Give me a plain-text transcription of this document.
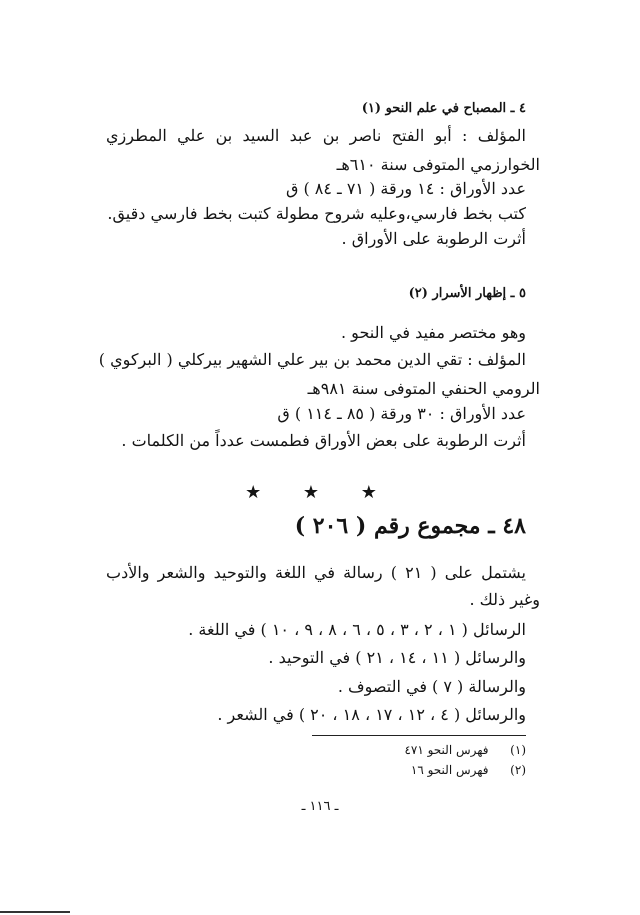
٤ ـ المصباح في علم النحو (١)
المؤلف : أبو الفتح ناصر بن عبد السيد بن علي المطرزي
الخوارزمي المتوفى سنة ٦١٠هـ
عدد الأوراق : ١٤ ورقة ( ٧١ ـ ٨٤ ) ق
كتب بخط فارسي،وعليه شروح مطولة كتبت بخط فارسي دقيق.
أثرت الرطوبة على الأوراق .
٥ ـ إظهار الأسرار (٢)
وهو مختصر مفيد في النحو .
المؤلف : تقي الدين محمد بن بير علي الشهير بيركلي ( البركوي )
الرومي الحنفي المتوفى سنة ٩٨١هـ
عدد الأوراق : ٣٠ ورقة ( ٨٥ ـ ١١٤ ) ق
أثرت الرطوبة على بعض الأوراق فطمست عدداً من الكلمات .
★ ★ ★
٤٨ ـ مجموع رقم ( ٢٠٦ )
يشتمل على ( ٢١ ) رسالة في اللغة والتوحيد والشعر والأدب
وغير ذلك .
الرسائل ( ١ ، ٢ ، ٣ ، ٥ ، ٦ ، ٨ ، ٩ ، ١٠ ) في اللغة .
والرسائل ( ١١ ، ١٤ ، ٢١ ) في التوحيد .
والرسالة ( ٧ ) في التصوف .
والرسائل ( ٤ ، ١٢ ، ١٧ ، ١٨ ، ٢٠ ) في الشعر .
(١)  فهرس النحو ٤٧١
(٢)  فهرس النحو ١٦
ـ ١١٦ ـ
